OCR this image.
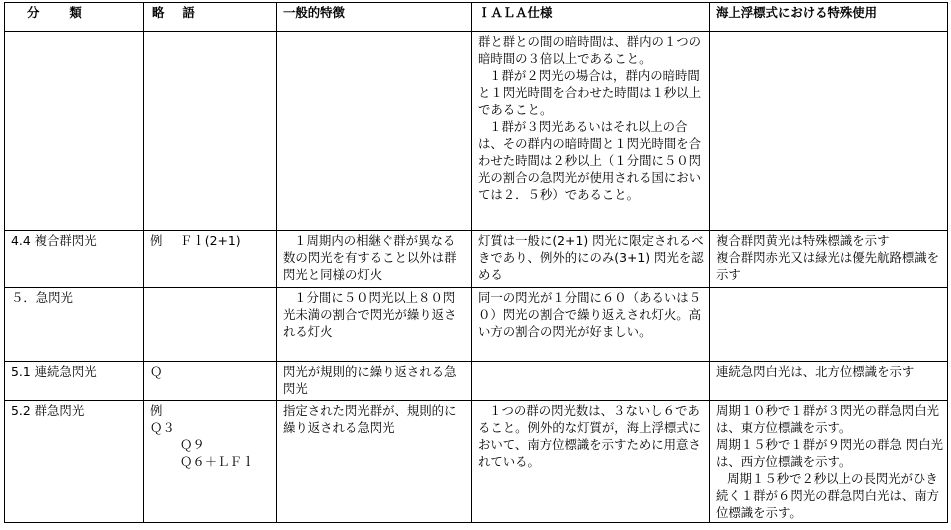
分 類	略 語	一般的特徴	ＩＡＬＡ仕様	海上浮標式における特殊使用

			群と群との間の暗時間は、群内の１つの暗時間の３倍以上であること。
１群が２閃光の場合は，群内の暗時間と１閃光時間を合わせた時間は１秒以上であること。
１群が３閃光あるいはそれ以上の合は、その群内の暗時間と１閃光時間を合わせた時間は２秒以上（１分間に５０閃光の割合の急閃光が使用される国においては２．５秒）であること。	

4.4 複合群閃光	例 Ｆｌ(2+1)	１周期内の相継ぐ群が異なる数の閃光を有すること以外は群閃光と同様の灯火	灯質は一般に(2+1) 閃光に限定されるべきであり、例外的にのみ(3+1) 閃光を認める	複合群閃黄光は特殊標識を示す
複合群閃赤光又は緑光は優先航路標識を示す

５．急閃光		１分間に５０閃光以上８０閃光未満の割合で閃光が繰り返される灯火	同一の閃光が１分間に６０（あるいは５０）閃光の割合で繰り返えされ灯火。高い方の割合の閃光が好ましい。	
5.1 連続急閃光	Ｑ	閃光が規則的に繰り返される急閃光		連続急閃白光は、北方位標識を示す
5.2 群急閃光	例
Ｑ３
Ｑ９
Ｑ６＋ＬＦｌ	指定された閃光群が、規則的に繰り返される急閃光	１つの群の閃光数は、３ないし６であること。例外的な灯質が，海上浮標式において、南方位標識を示すために用意されている。	周期１０秒で１群が３閃光の群急閃白光は、東方位標識を示す。
周期１５秒で１群が９閃光の群急 閃白光は、西方位標識を示す。
周期１５秒で２秒以上の長閃光がひき続く１群が６閃光の群急閃白光は、南方位標識を示す。
